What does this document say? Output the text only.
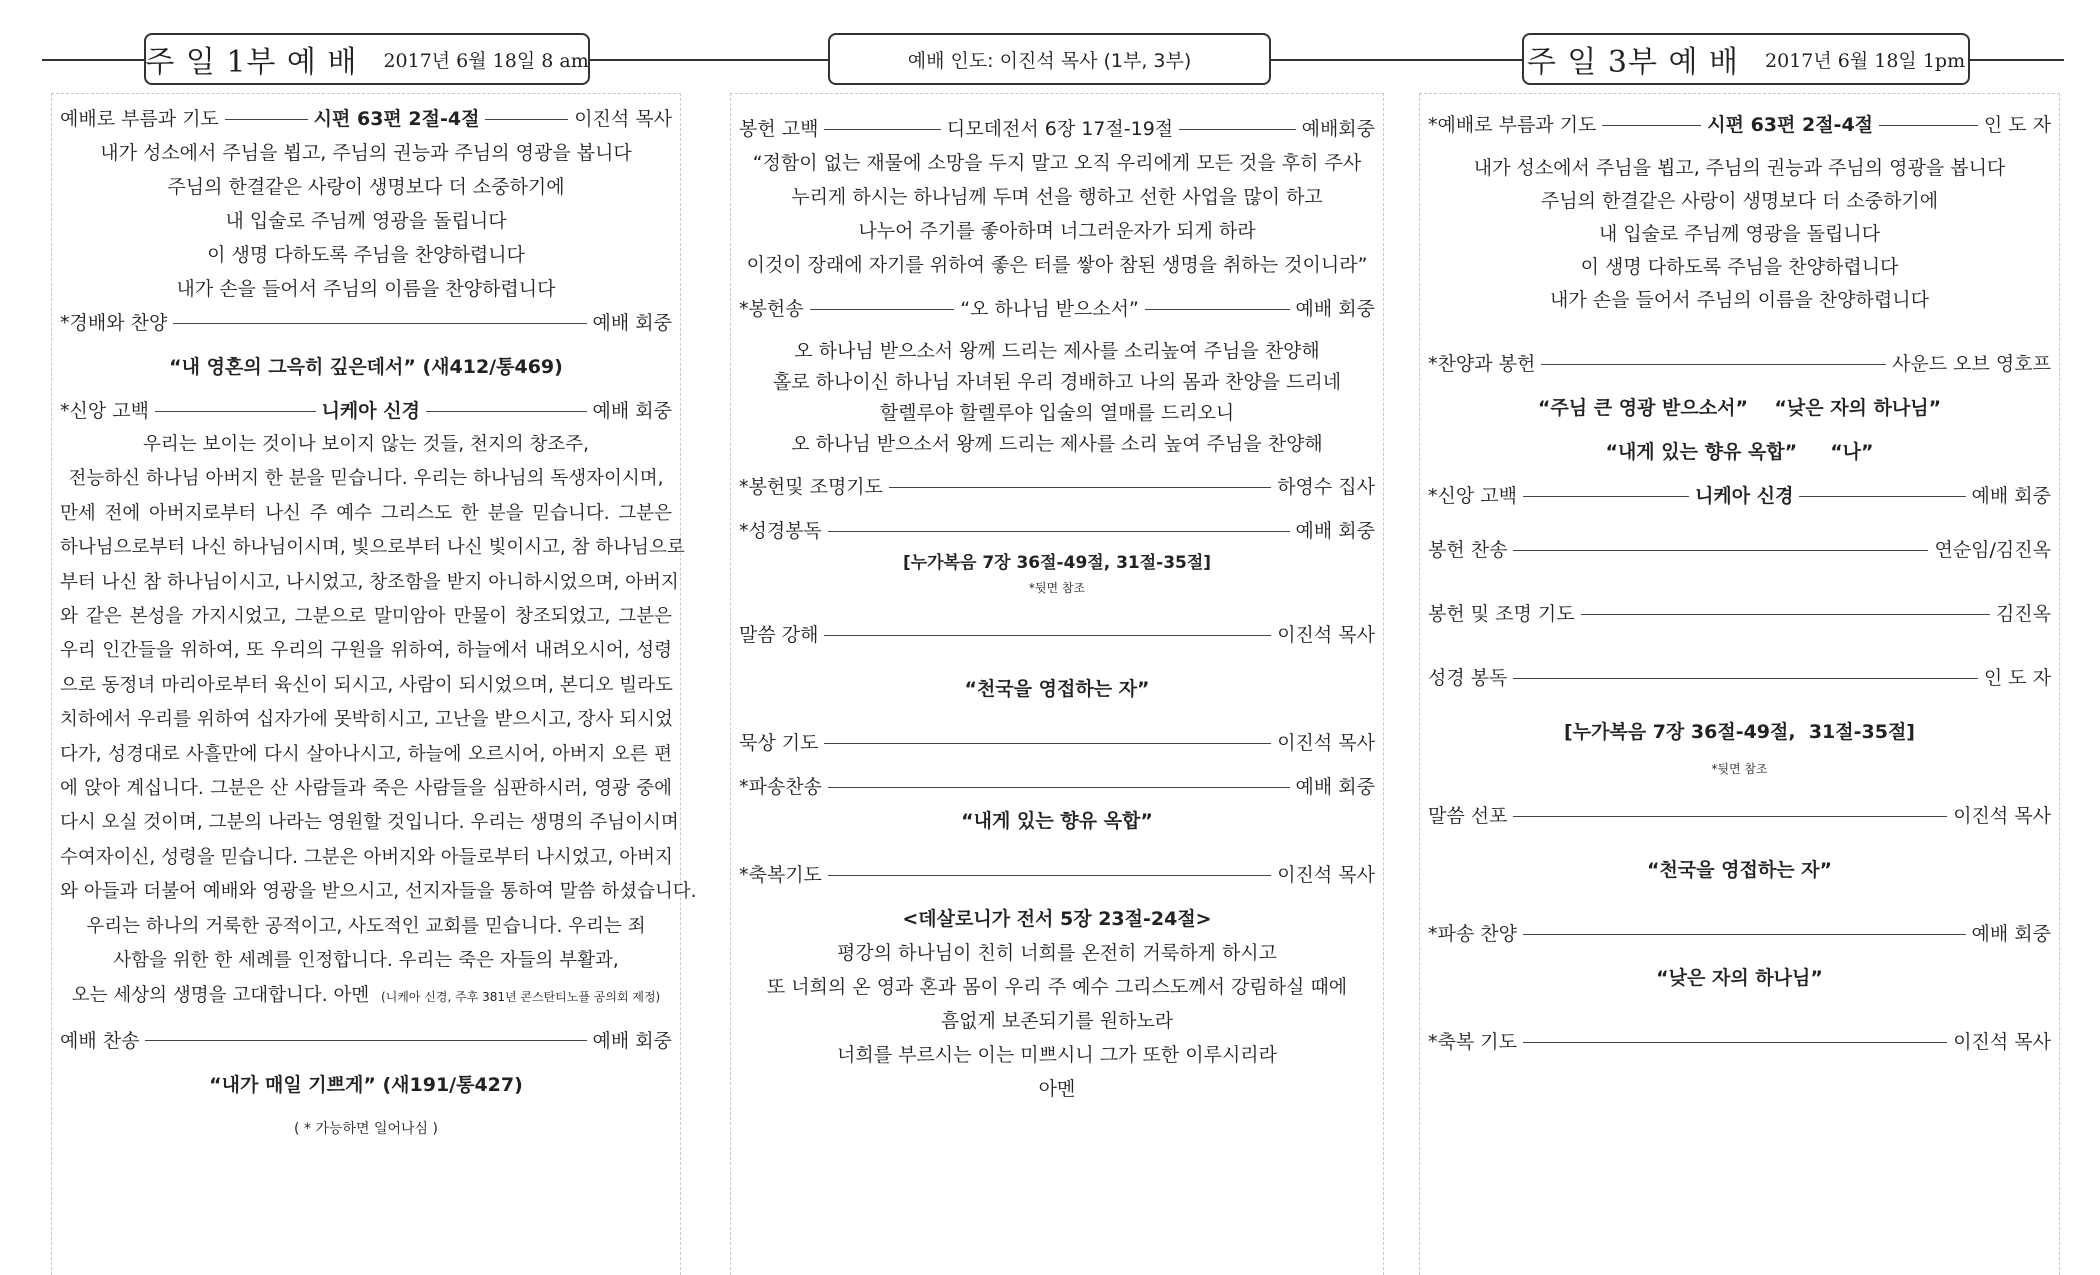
주 일 1부 예 배 2017년 6월 18일 8 am	예배 인도: 이진석 목사 (1부, 3부)	주 일 3부 예 배 2017년 6월 18일 1pm
예배로 부름과 기도	시편 63편 2절-4절	이진석 목사
내가 성소에서 주님을 뵙고, 주님의 권능과 주님의 영광을 봅니다
주님의 한결같은 사랑이 생명보다 더 소중하기에
내 입술로 주님께 영광을 돌립니다
이 생명 다하도록 주님을 찬양하렵니다
내가 손을 들어서 주님의 이름을 찬양하렵니다
*경배와 찬양	예배 회중
“내 영혼의 그윽히 깊은데서” (새412/통469)
*신앙 고백	니케아 신경	예배 회중
우리는 보이는 것이나 보이지 않는 것들, 천지의 창조주,
전능하신 하나님 아버지 한 분을 믿습니다. 우리는 하나님의 독생자이시며,
만세 전에 아버지로부터 나신 주 예수 그리스도 한 분을 믿습니다. 그분은
하나님으로부터 나신 하나님이시며, 빛으로부터 나신 빛이시고, 참 하나님으로
부터 나신 참 하나님이시고, 나시었고, 창조함을 받지 아니하시었으며, 아버지
와 같은 본성을 가지시었고, 그분으로 말미암아 만물이 창조되었고, 그분은
우리 인간들을 위하여, 또 우리의 구원을 위하여, 하늘에서 내려오시어, 성령
으로 동정녀 마리아로부터 육신이 되시고, 사람이 되시었으며, 본디오 빌라도
치하에서 우리를 위하여 십자가에 못박히시고, 고난을 받으시고, 장사 되시었
다가, 성경대로 사흘만에 다시 살아나시고, 하늘에 오르시어, 아버지 오른 편
에 앉아 계십니다. 그분은 산 사람들과 죽은 사람들을 심판하시러, 영광 중에
다시 오실 것이며, 그분의 나라는 영원할 것입니다. 우리는 생명의 주님이시며
수여자이신, 성령을 믿습니다. 그분은 아버지와 아들로부터 나시었고, 아버지
와 아들과 더불어 예배와 영광을 받으시고, 선지자들을 통하여 말씀 하셨습니다.
우리는 하나의 거룩한 공적이고, 사도적인 교회를 믿습니다. 우리는 죄
사함을 위한 한 세례를 인정합니다. 우리는 죽은 자들의 부활과,
오는 세상의 생명을 고대합니다. 아멘 (니케아 신경, 주후 381년 콘스탄티노플 공의회 제정)
예배 찬송	예배 회중
“내가 매일 기쁘게” (새191/통427)
( * 가능하면 일어나심 )
봉헌 고백	디모데전서 6장 17절-19절	예배회중
“정함이 없는 재물에 소망을 두지 말고 오직 우리에게 모든 것을 후히 주사
누리게 하시는 하나님께 두며 선을 행하고 선한 사업을 많이 하고
나누어 주기를 좋아하며 너그러운자가 되게 하라
이것이 장래에 자기를 위하여 좋은 터를 쌓아 참된 생명을 취하는 것이니라”
*봉헌송	“오 하나님 받으소서”	예배 회중
오 하나님 받으소서 왕께 드리는 제사를 소리높여 주님을 찬양해
홀로 하나이신 하나님 자녀된 우리 경배하고 나의 몸과 찬양을 드리네
할렐루야 할렐루야 입술의 열매를 드리오니
오 하나님 받으소서 왕께 드리는 제사를 소리 높여 주님을 찬양해
*봉헌및 조명기도	하영수 집사
*성경봉독	예배 회중
[누가복음 7장 36절-49절, 31절-35절]
*뒷면 참조
말씀 강해	이진석 목사
“천국을 영접하는 자”
묵상 기도	이진석 목사
*파송찬송	예배 회중
“내게 있는 향유 옥합”
*축복기도	이진석 목사
<데살로니가 전서 5장 23절-24절>
평강의 하나님이 친히 너희를 온전히 거룩하게 하시고
또 너희의 온 영과 혼과 몸이 우리 주 예수 그리스도께서 강림하실 때에
흠없게 보존되기를 원하노라
너희를 부르시는 이는 미쁘시니 그가 또한 이루시리라
아멘
*예배로 부름과 기도	시편 63편 2절-4절	인 도 자
내가 성소에서 주님을 뵙고, 주님의 권능과 주님의 영광을 봅니다
주님의 한결같은 사랑이 생명보다 더 소중하기에
내 입술로 주님께 영광을 돌립니다
이 생명 다하도록 주님을 찬양하렵니다
내가 손을 들어서 주님의 이름을 찬양하렵니다
*찬양과 봉헌	사운드 오브 영호프
“주님 큰 영광 받으소서”    “낮은 자의 하나님”
“내게 있는 향유 옥합”     “나”
*신앙 고백	니케아 신경	예배 회중
봉헌 찬송	연순임/김진옥
봉헌 및 조명 기도	김진옥
성경 봉독	인 도 자
[누가복음 7장 36절-49절,  31절-35절]
*뒷면 참조
말씀 선포	이진석 목사
“천국을 영접하는 자”
*파송 찬양	예배 회중
“낮은 자의 하나님”
*축복 기도	이진석 목사
